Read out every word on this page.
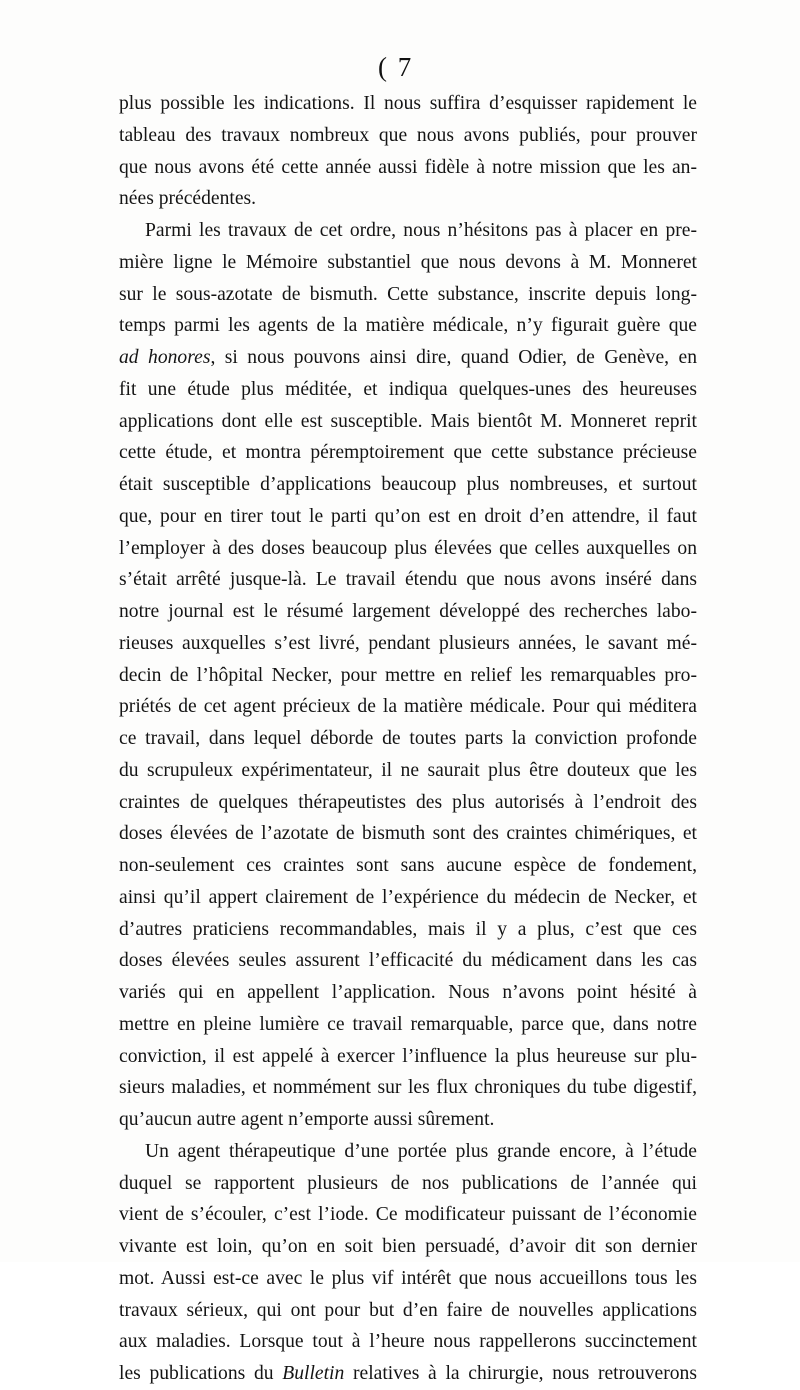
( 7
plus possible les indications. Il nous suffira d’esquisser rapidement le
tableau des travaux nombreux que nous avons publiés, pour prouver
que nous avons été cette année aussi fidèle à notre mission que les an-
nées précédentes.
Parmi les travaux de cet ordre, nous n’hésitons pas à placer en pre-
mière ligne le Mémoire substantiel que nous devons à M. Monneret
sur le sous-azotate de bismuth. Cette substance, inscrite depuis long-
temps parmi les agents de la matière médicale, n’y figurait guère que
ad honores, si nous pouvons ainsi dire, quand Odier, de Genève, en
fit une étude plus méditée, et indiqua quelques-unes des heureuses
applications dont elle est susceptible. Mais bientôt M. Monneret reprit
cette étude, et montra péremptoirement que cette substance précieuse
était susceptible d’applications beaucoup plus nombreuses, et surtout
que, pour en tirer tout le parti qu’on est en droit d’en attendre, il faut
l’employer à des doses beaucoup plus élevées que celles auxquelles on
s’était arrêté jusque-là. Le travail étendu que nous avons inséré dans
notre journal est le résumé largement développé des recherches labo-
rieuses auxquelles s’est livré, pendant plusieurs années, le savant mé-
decin de l’hôpital Necker, pour mettre en relief les remarquables pro-
priétés de cet agent précieux de la matière médicale. Pour qui méditera
ce travail, dans lequel déborde de toutes parts la conviction profonde
du scrupuleux expérimentateur, il ne saurait plus être douteux que les
craintes de quelques thérapeutistes des plus autorisés à l’endroit des
doses élevées de l’azotate de bismuth sont des craintes chimériques, et
non-seulement ces craintes sont sans aucune espèce de fondement,
ainsi qu’il appert clairement de l’expérience du médecin de Necker, et
d’autres praticiens recommandables, mais il y a plus, c’est que ces
doses élevées seules assurent l’efficacité du médicament dans les cas
variés qui en appellent l’application. Nous n’avons point hésité à
mettre en pleine lumière ce travail remarquable, parce que, dans notre
conviction, il est appelé à exercer l’influence la plus heureuse sur plu-
sieurs maladies, et nommément sur les flux chroniques du tube digestif,
qu’aucun autre agent n’emporte aussi sûrement.
Un agent thérapeutique d’une portée plus grande encore, à l’étude
duquel se rapportent plusieurs de nos publications de l’année qui
vient de s’écouler, c’est l’iode. Ce modificateur puissant de l’économie
vivante est loin, qu’on en soit bien persuadé, d’avoir dit son dernier
mot. Aussi est-ce avec le plus vif intérêt que nous accueillons tous les
travaux sérieux, qui ont pour but d’en faire de nouvelles applications
aux maladies. Lorsque tout à l’heure nous rappellerons succinctement
les publications du Bulletin relatives à la chirurgie, nous retrouverons
